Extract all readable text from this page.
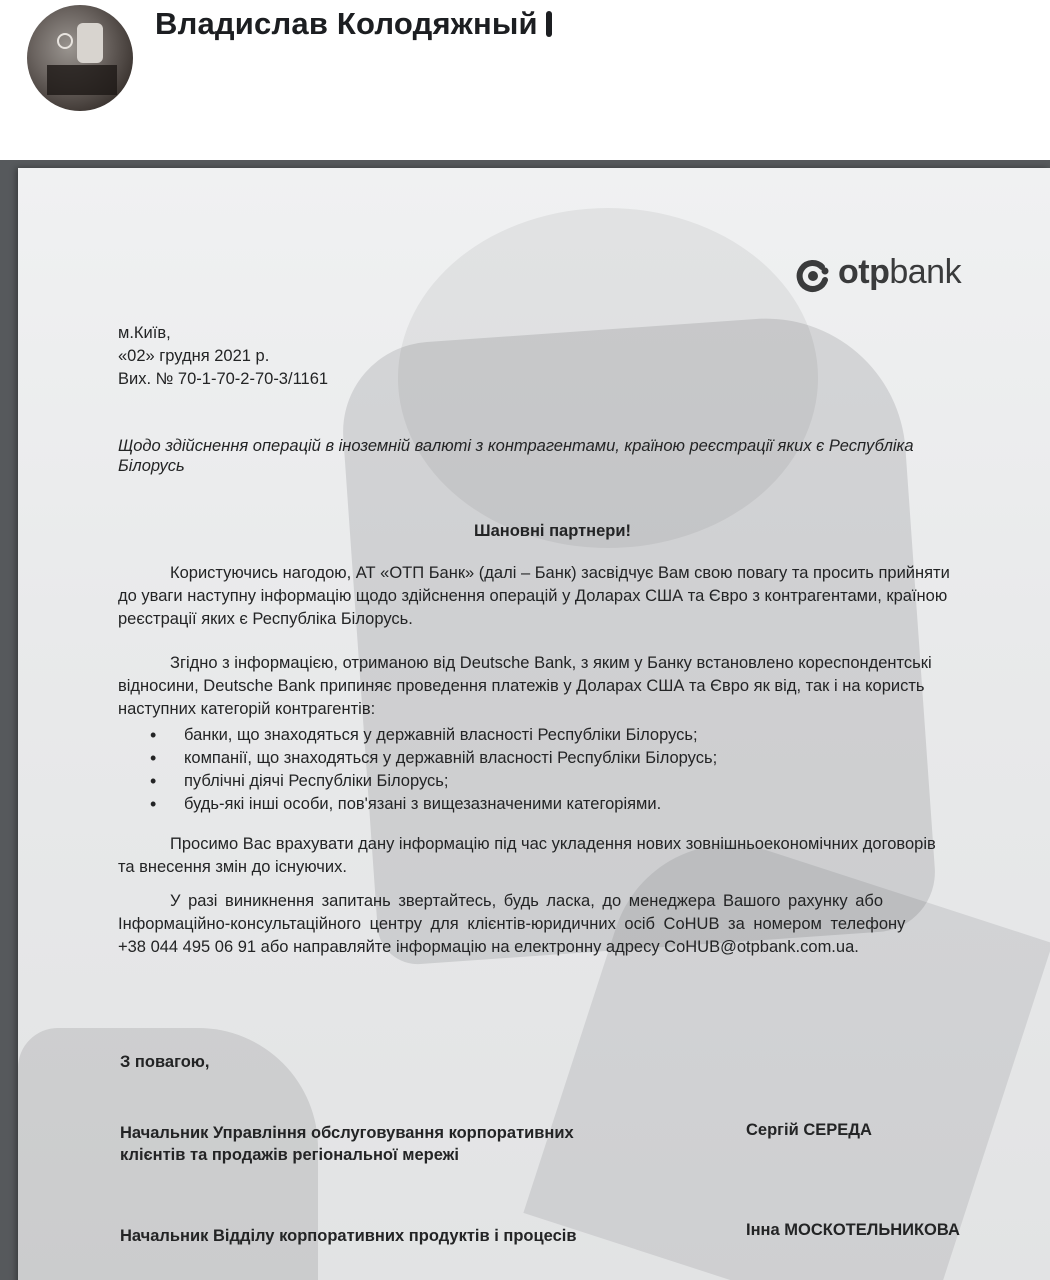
Владислав Колодяжный
otpbank
м.Київ,
«02» грудня 2021 р.
Вих. № 70-1-70-2-70-3/1161
Щодо здійснення операцій в іноземній валюті з контрагентами, країною реєстрації яких є Республіка
Білорусь
Шановні партнери!

Користуючись нагодою, АТ «ОТП Банк» (далі – Банк) засвідчує Вам свою повагу та просить прийняти

до уваги наступну інформацію щодо здійснення операцій у Доларах США та Євро з контрагентами, країною

реєстрації яких є Республіка Білорусь.

Згідно з інформацією, отриманою від Deutsche Bank, з яким у Банку встановлено кореспондентські

відносини, Deutsche Bank припиняє проведення платежів у Доларах США та Євро як від, так і на користь

наступних категорій контрагентів:

• банки, що знаходяться у державній власності Республіки Білорусь;
• компанії, що знаходяться у державній власності Республіки Білорусь;
• публічні діячі Республіки Білорусь;
• будь-які інші особи, пов'язані з вищезазначеними категоріями.

Просимо Вас врахувати дану інформацію під час укладення нових зовнішньоекономічних договорів

та внесення змін до існуючих.

У разі виникнення запитань звертайтесь, будь ласка, до менеджера Вашого рахунку або

Інформаційно-консультаційного центру для клієнтів-юридичних осіб CoHUB за номером телефону

+38 044 495 06 91 або направляйте інформацію на електронну адресу CoHUB@otpbank.com.ua.

З повагою,
Начальник Управління обслуговування корпоративних
клієнтів та продажів регіональної мережі
Сергій СЕРЕДА
Начальник Відділу корпоративних продуктів і процесів	Інна МОСКОТЕЛЬНИКОВА
